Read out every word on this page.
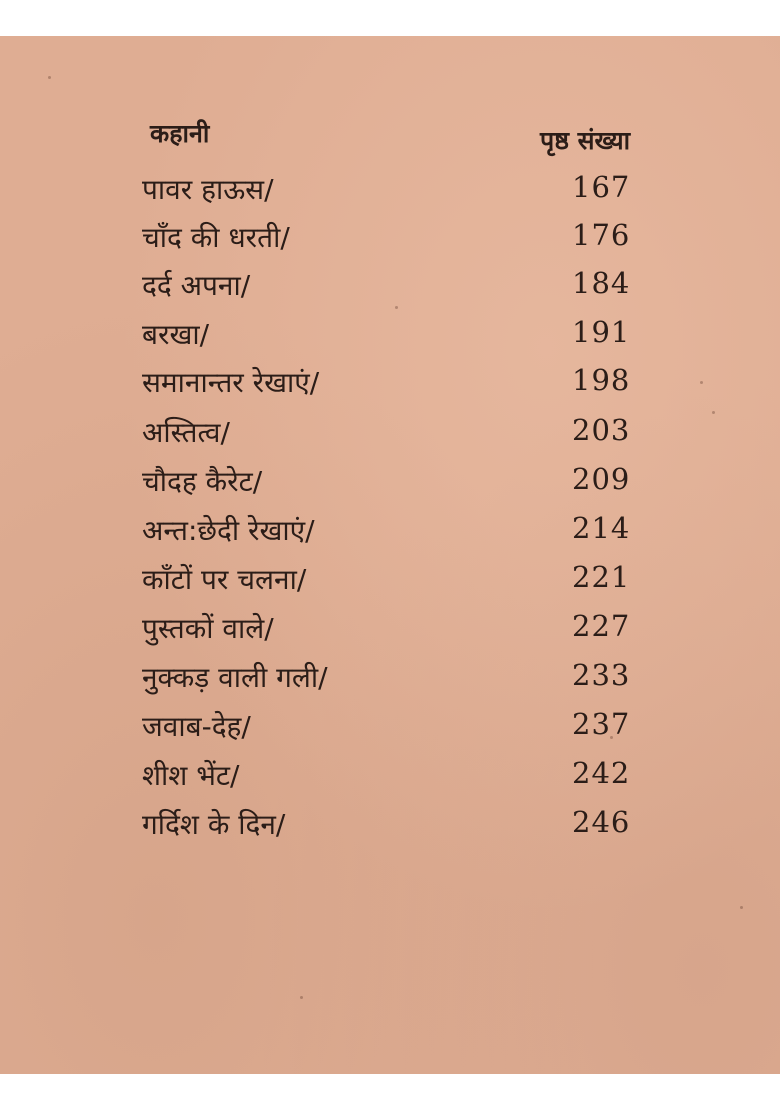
कहानी	पृष्ठ संख्या
पावर हाऊस/	167
चाँद की धरती/	176
दर्द अपना/	184
बरखा/	191
समानान्तर रेखाएं/	198
अस्तित्व/	203
चौदह कैरेट/	209
अन्त:छेदी रेखाएं/	214
काँटों पर चलना/	221
पुस्तकों वाले/	227
नुक्कड़ वाली गली/	233
जवाब-देह/	237
शीश भेंट/	242
गर्दिश के दिन/	246
